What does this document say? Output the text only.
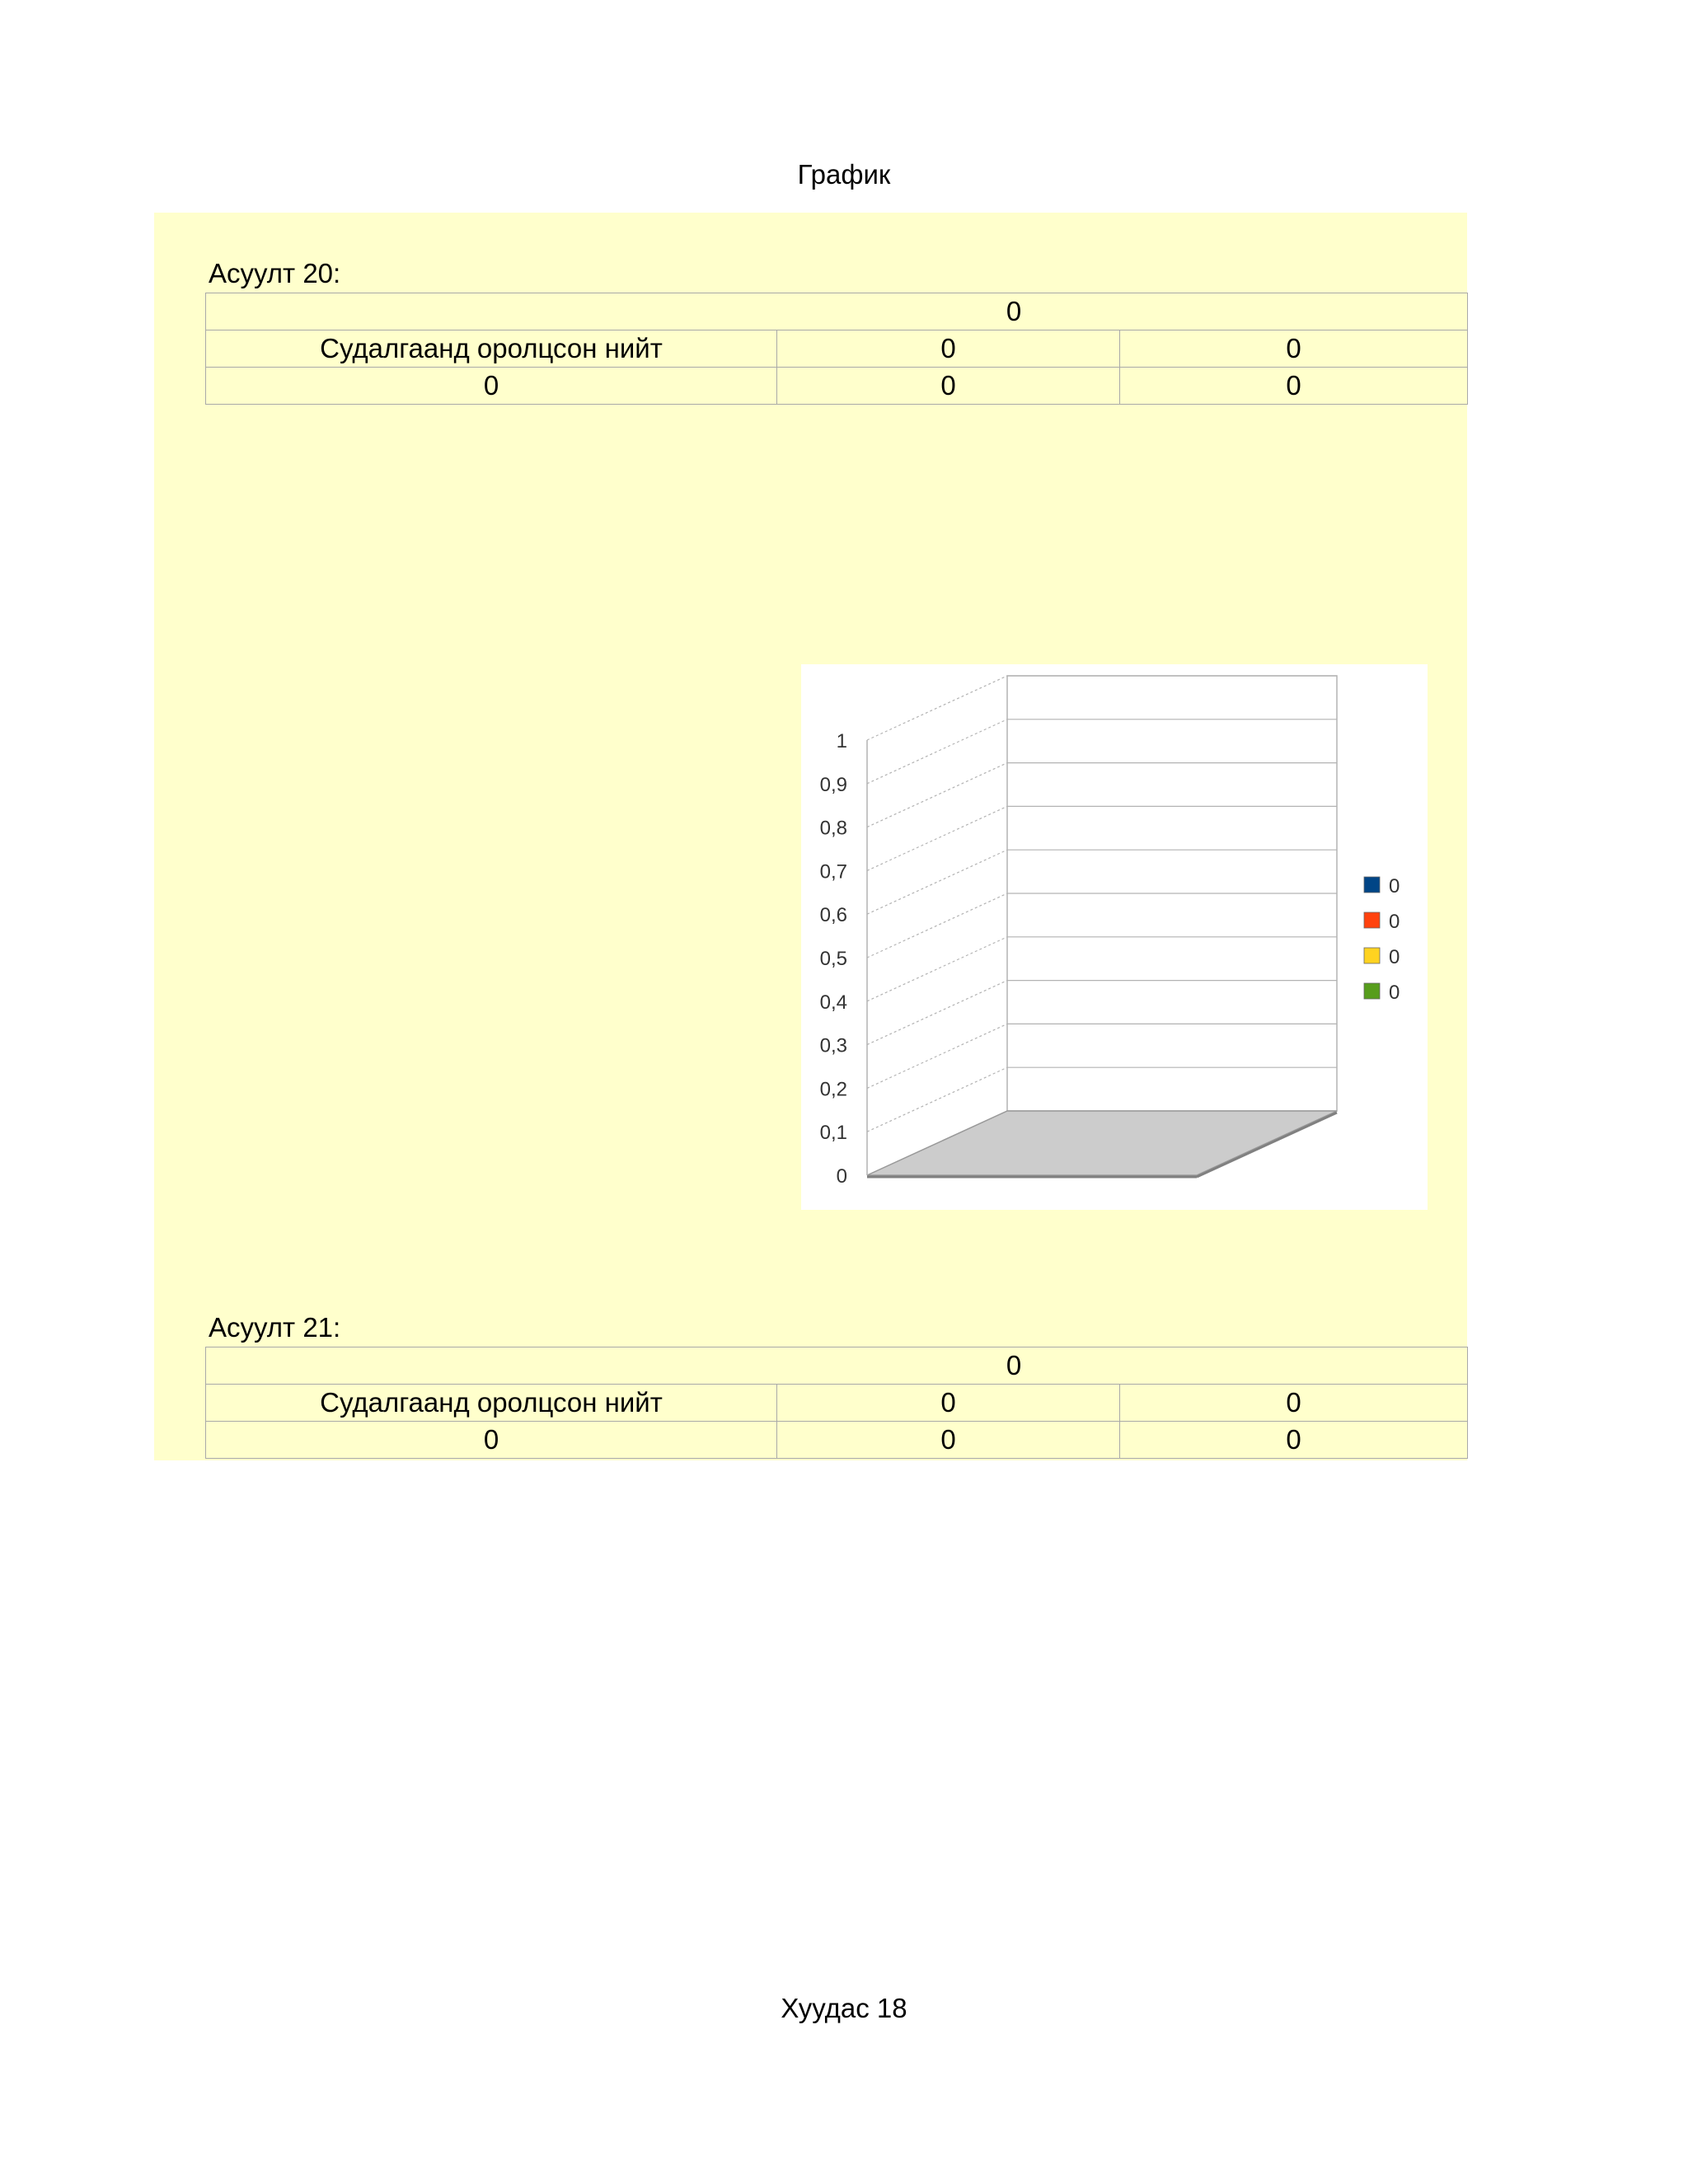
График
Асуулт 20:
0		
Судалгаанд оролцсон нийт	0	0
0	0	0
Асуулт 21:
0		
Судалгаанд оролцсон нийт	0	0
0	0	0
0
0,1
0,2
0,3
0,4
0,5
0,6
0,7
0,8
0,9
1
0
0
0
0
Хуудас 18
